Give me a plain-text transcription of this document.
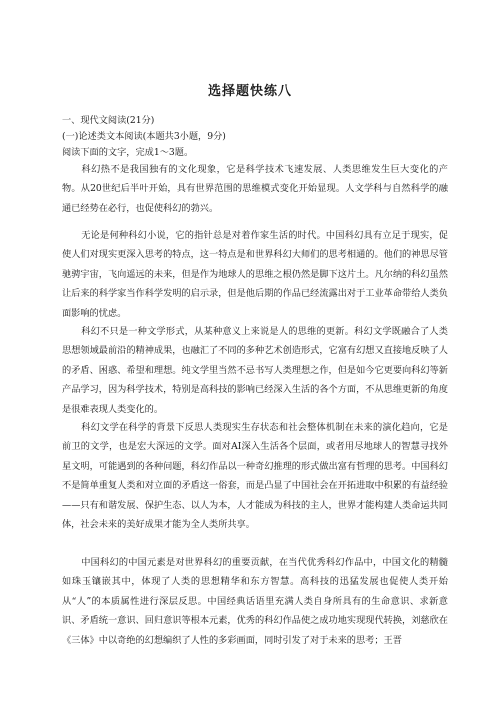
选择题快练八
一、现代文阅读(21分)
(一)论述类文本阅读(本题共3小题，9分)
阅读下面的文字，完成1～3题。

科幻热不是我国独有的文化现象，它是科学技术飞速发展、人类思维发生巨大变化的产物。从20世纪后半叶开始，具有世界范围的思维模式变化开始显现。人文学科与自然科学的融通已经势在必行，也促使科幻的勃兴。

无论是何种科幻小说，它的指针总是对着作家生活的时代。中国科幻具有立足于现实，促使人们对现实更深入思考的特点，这一特点是和世界科幻大师们的思考相通的。他们的神思尽管驰骋宇宙，飞向遥远的未来，但是作为地球人的思维之根仍然是脚下这片土。凡尔纳的科幻虽然让后来的科学家当作科学发明的启示录，但是他后期的作品已经流露出对于工业革命带给人类负面影响的忧虑。

科幻不只是一种文学形式，从某种意义上来说是人的思维的更新。科幻文学既融合了人类思想领域最前沿的精神成果，也融汇了不同的多种艺术创造形式，它富有幻想又直接地反映了人的矛盾、困惑、希望和理想。纯文学里当然不忌书写人类理想之作，但是如今它更要向科幻等新产品学习，因为科学技术，特别是高科技的影响已经深入生活的各个方面，不从思维更新的角度是很难表现人类变化的。

科幻文学在科学的背景下反思人类现实生存状态和社会整体机制在未来的演化趋向，它是前卫的文学，也是宏大深远的文学。面对AI深入生活各个层面，或者用尽地球人的智慧寻找外星文明，可能遇到的各种问题，科幻作品以一种奇幻推理的形式做出富有哲理的思考。中国科幻不是简单重复人类和对立面的矛盾这一俗套，而是凸显了中国社会在开拓进取中积累的有益经验——只有和谐发展、保护生态、以人为本，人才能成为科技的主人，世界才能构建人类命运共同体，社会未来的美好成果才能为全人类所共享。

中国科幻的中国元素是对世界科幻的重要贡献，在当代优秀科幻作品中，中国文化的精髓如珠玉镶嵌其中，体现了人类的思想精华和东方智慧。高科技的迅猛发展也促使人类开始从“人”的本质属性进行深层反思。中国经典话语里充满人类自身所具有的生命意识、求新意识、矛盾统一意识、回归意识等根本元素，优秀的科幻作品使之成功地实现现代转换，刘慈欣在《三体》中以奇绝的幻想编织了人性的多彩画面，同时引发了对于未来的思考；王晋
